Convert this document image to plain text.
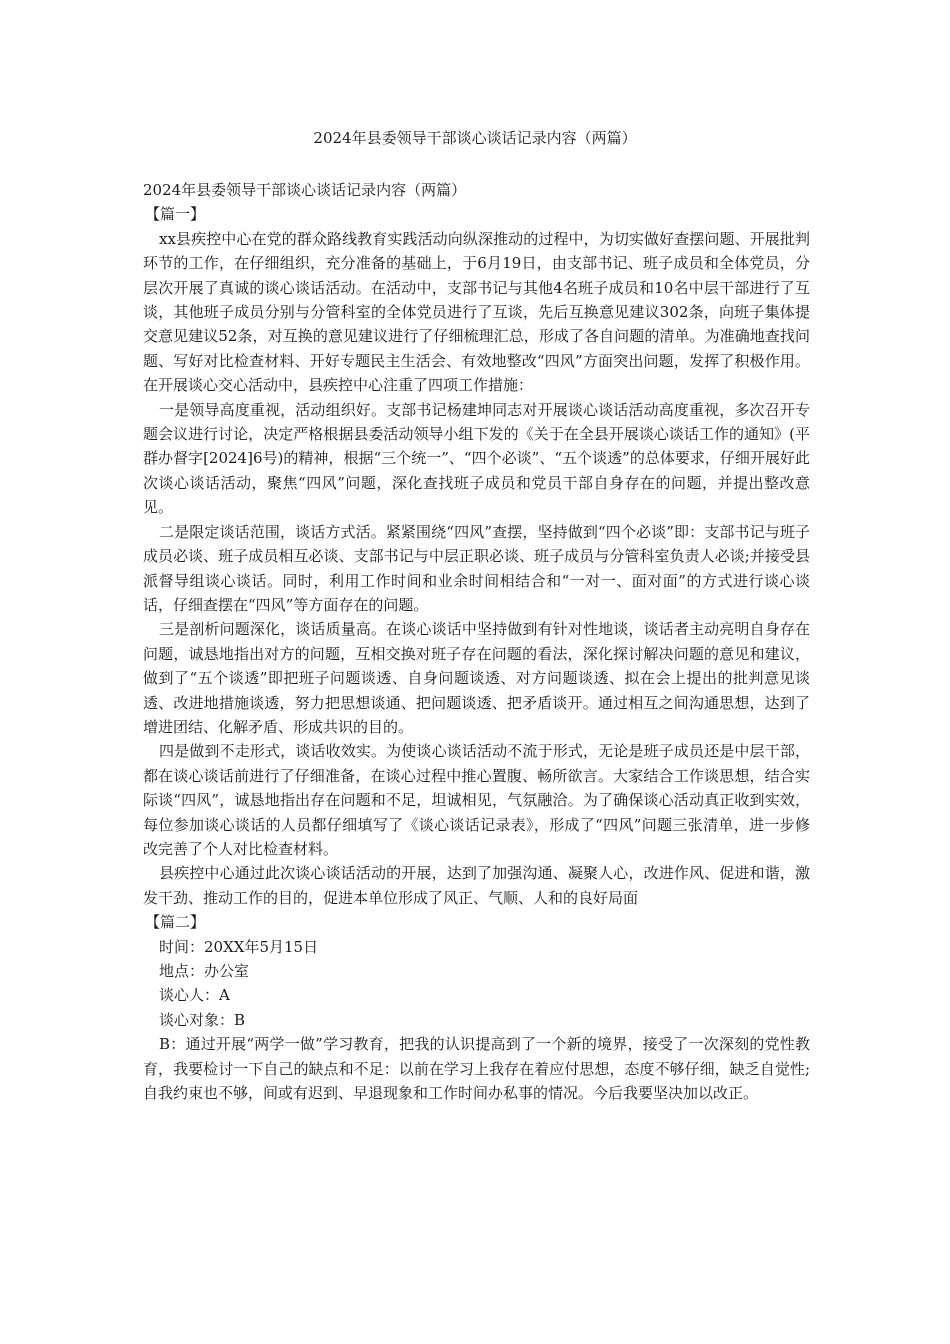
2024年县委领导干部谈心谈话记录内容（两篇）

2024年县委领导干部谈心谈话记录内容（两篇）

【篇一】

xx县疾控中心在党的群众路线教育实践活动向纵深推动的过程中，为切实做好查摆问题、开展批判环节的工作，在仔细组织，充分准备的基础上，于6月19日，由支部书记、班子成员和全体党员，分层次开展了真诚的谈心谈话活动。在活动中，支部书记与其他4名班子成员和10名中层干部进行了互谈，其他班子成员分别与分管科室的全体党员进行了互谈，先后互换意见建议302条，向班子集体提交意见建议52条，对互换的意见建议进行了仔细梳理汇总，形成了各自问题的清单。为准确地查找问题、写好对比检查材料、开好专题民主生活会、有效地整改“四风”方面突出问题，发挥了积极作用。在开展谈心交心活动中，县疾控中心注重了四项工作措施：

一是领导高度重视，活动组织好。支部书记杨建坤同志对开展谈心谈话活动高度重视，多次召开专题会议进行讨论，决定严格根据县委活动领导小组下发的《关于在全县开展谈心谈话工作的通知》(平群办督字[2024]6号)的精神，根据“三个统一”、“四个必谈”、“五个谈透”的总体要求，仔细开展好此次谈心谈话活动，聚焦“四风”问题，深化查找班子成员和党员干部自身存在的问题，并提出整改意见。

二是限定谈话范围，谈话方式活。紧紧围绕“四风”查摆，坚持做到“四个必谈”即：支部书记与班子成员必谈、班子成员相互必谈、支部书记与中层正职必谈、班子成员与分管科室负责人必谈;并接受县派督导组谈心谈话。同时，利用工作时间和业余时间相结合和“一对一、面对面”的方式进行谈心谈话，仔细查摆在“四风”等方面存在的问题。

三是剖析问题深化，谈话质量高。在谈心谈话中坚持做到有针对性地谈，谈话者主动亮明自身存在问题，诚恳地指出对方的问题，互相交换对班子存在问题的看法，深化探讨解决问题的意见和建议，做到了“五个谈透”即把班子问题谈透、自身问题谈透、对方问题谈透、拟在会上提出的批判意见谈透、改进地措施谈透，努力把思想谈通、把问题谈透、把矛盾谈开。通过相互之间沟通思想，达到了增进团结、化解矛盾、形成共识的目的。

四是做到不走形式，谈话收效实。为使谈心谈话活动不流于形式，无论是班子成员还是中层干部，都在谈心谈话前进行了仔细准备，在谈心过程中推心置腹、畅所欲言。大家结合工作谈思想，结合实际谈“四风”，诚恳地指出存在问题和不足，坦诚相见，气氛融洽。为了确保谈心活动真正收到实效，每位参加谈心谈话的人员都仔细填写了《谈心谈话记录表》，形成了“四风”问题三张清单，进一步修改完善了个人对比检查材料。

县疾控中心通过此次谈心谈话活动的开展，达到了加强沟通、凝聚人心，改进作风、促进和谐，激发干劲、推动工作的目的，促进本单位形成了风正、气顺、人和的良好局面

【篇二】

时间：20XX年5月15日

地点：办公室

谈心人：A

谈心对象：B

B：通过开展“两学一做”学习教育，把我的认识提高到了一个新的境界，接受了一次深刻的党性教育，我要检讨一下自己的缺点和不足：以前在学习上我存在着应付思想，态度不够仔细，缺乏自觉性;自我约束也不够，间或有迟到、早退现象和工作时间办私事的情况。今后我要坚决加以改正。
